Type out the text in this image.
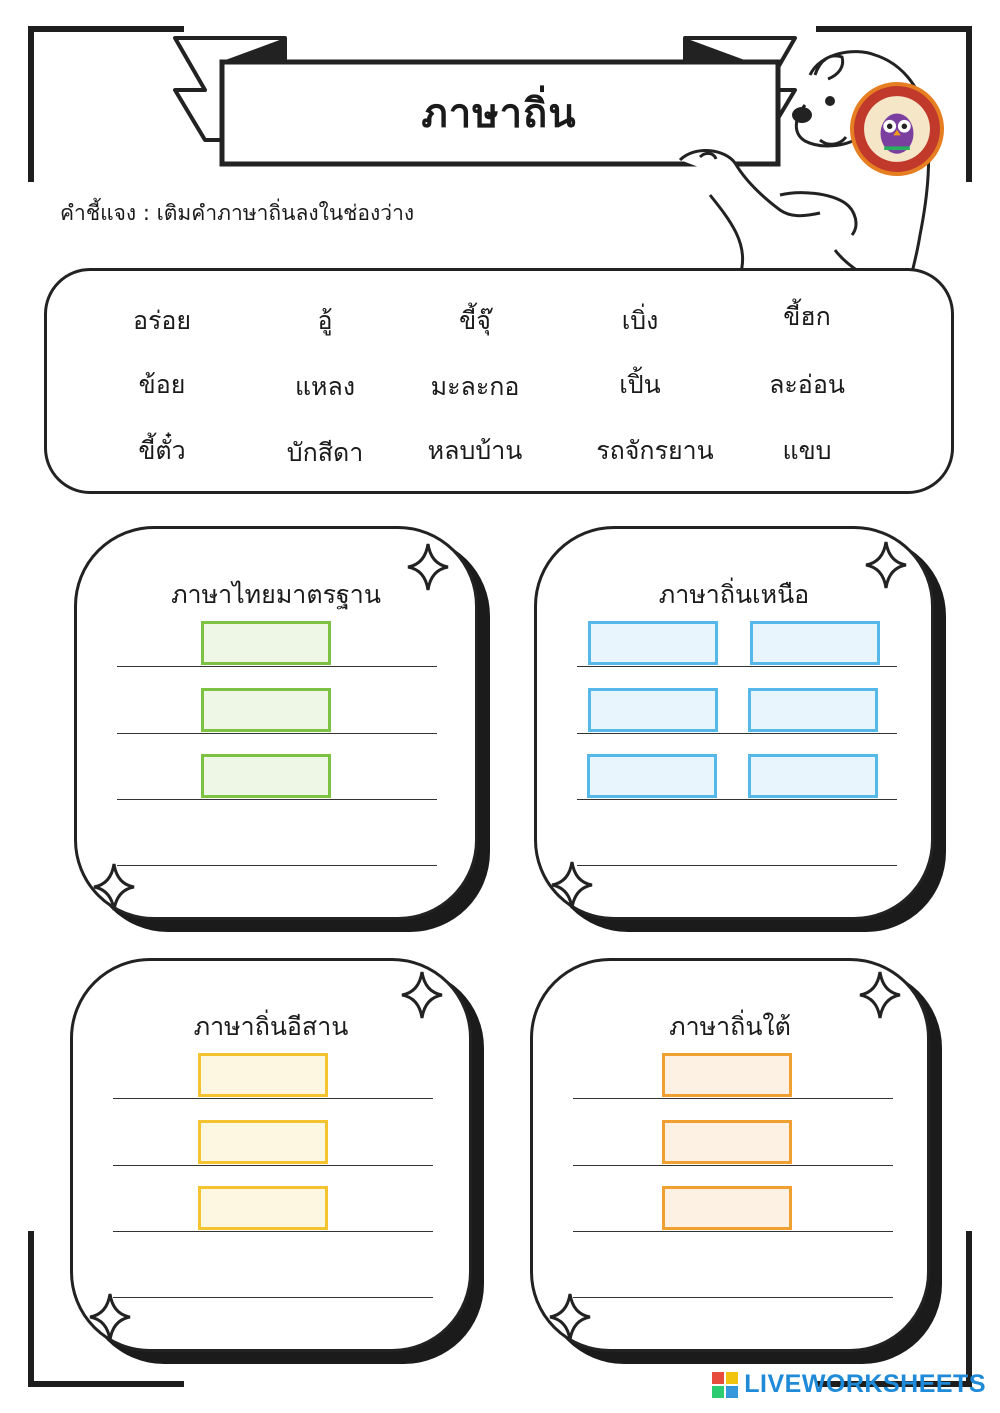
ภาษาถิ่น
คำชี้แจง : เติมคำภาษาถิ่นลงในช่องว่าง
อร่อย	อู้	ขี้จุ๊	เบิ่ง	ขี้ฮก
ข้อย	แหลง	มะละกอ	เปิ้น	ละอ่อน
ขี้ตั๋ว	บักสีดา	หลบบ้าน	รถจักรยาน	แขบ
ภาษาไทยมาตรฐาน	ภาษาถิ่นเหนือ
ภาษาถิ่นอีสาน	ภาษาถิ่นใต้
LIVEWORKSHEETS
